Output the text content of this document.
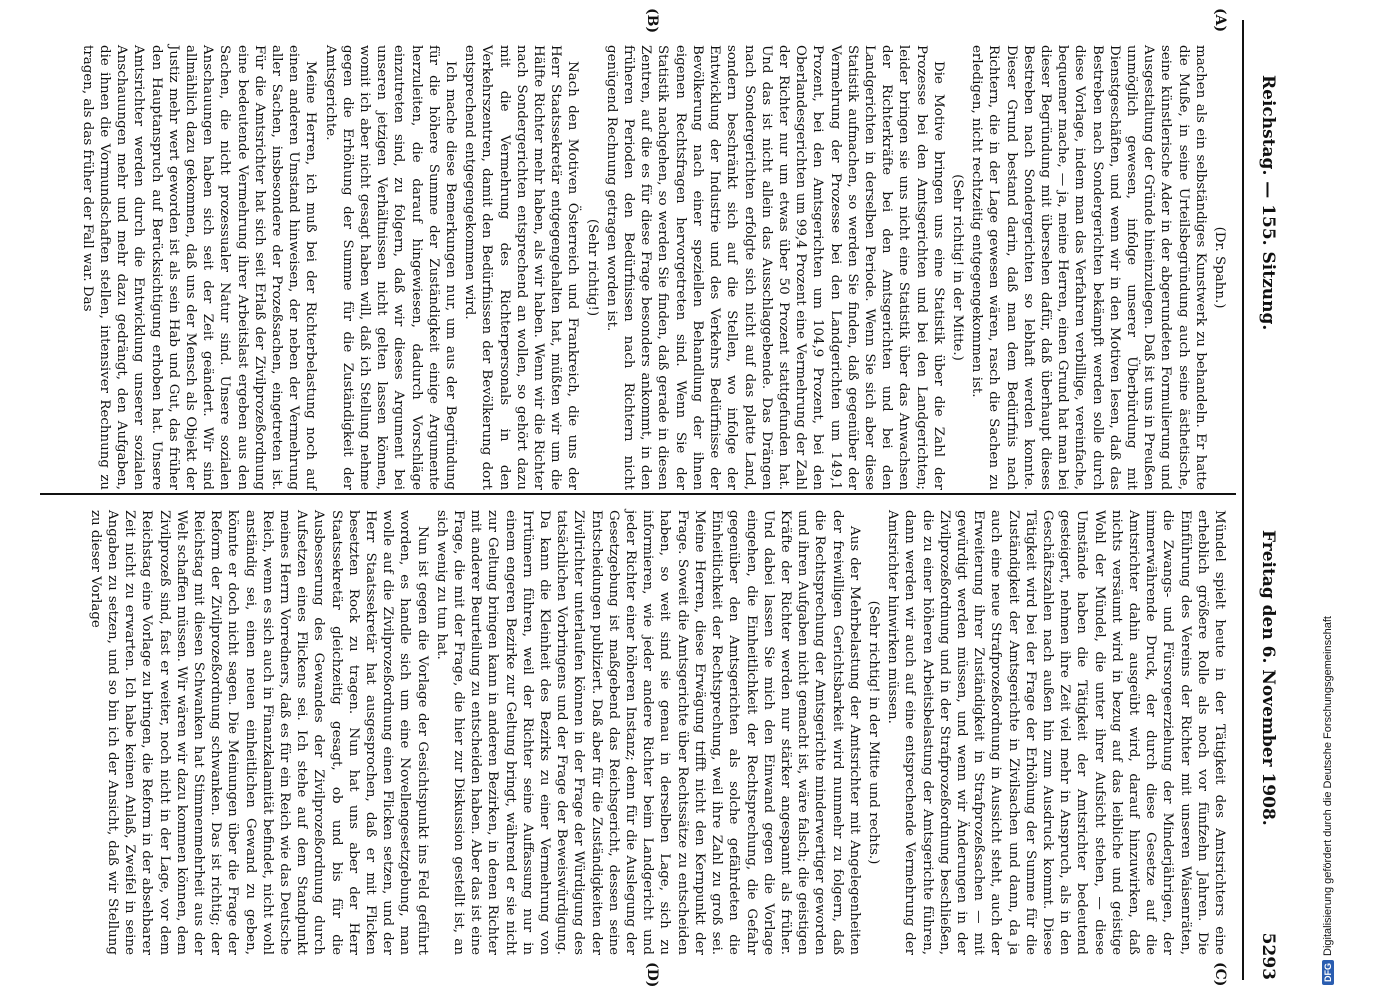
Reichstag. — 155. Sitzung.
Freitag den 6. November 1908.
5293
(A)
(B)
(C)
(D)

(Dr. Spahn.)

machen als ein selbständiges Kunstwerk zu behandeln. Er hatte die Muße, in seine Urteilsbegründung auch seine ästhetische, seine künstlerische Ader in der abgerundeten Formulierung und Ausgestaltung der Gründe hineinzulegen. Daß ist uns in Preußen unmöglich gewesen, infolge unserer Überbürdung mit Dienstgeschäften, und wenn wir in den Motiven lesen, daß das Bestreben nach Sondergerichten bekämpft werden solle durch diese Vorlage, indem man das Verfahren verbillige, vereinfache, bequemer mache, — ja, meine Herren, einen Grund hat man bei dieser Begründung mit übersehen dafür, daß überhaupt dieses Bestreben nach Sondergerichten so lebhaft werden konnte. Dieser Grund bestand darin, daß man dem Bedürfnis nach Richtern, die in der Lage gewesen wären, rasch die Sachen zu erledigen, nicht rechtzeitig entgegengekommen ist.

(Sehr richtig! in der Mitte.)

Die Motive bringen uns eine Statistik über die Zahl der Prozesse bei den Amtsgerichten und bei den Landgerichten; leider bringen sie uns nicht eine Statistik über das Anwachsen der Richterkräfte bei den Amtsgerichten und bei den Landgerichten in derselben Periode. Wenn Sie sich aber diese Statistik aufmachen, so werden Sie finden, daß gegenüber der Vermehrung der Prozesse bei den Landgerichten um 149,1 Prozent, bei den Amtsgerichten um 104,9 Prozent, bei den Oberlandesgerichten um 99,4 Prozent eine Vermehrung der Zahl der Richter nur um etwas über 50 Prozent stattgefunden hat. Und das ist nicht allein das Ausschlaggebende. Das Drängen nach Sondergerichten erfolgte sich nicht auf das platte Land, sondern beschränkt sich auf die Stellen, wo infolge der Entwicklung der Industrie und des Verkehrs Bedürfnisse der Bevölkerung nach einer speziellen Behandlung der ihnen eigenen Rechtsfragen hervorgetreten sind. Wenn Sie der Statistik nachgehen, so werden Sie finden, daß gerade in diesen Zentren, auf die es für diese Frage besonders ankommt, in den früheren Perioden den Bedürfnissen nach Richtern nicht genügend Rechnung getragen worden ist.

(Sehr richtig!)

Nach den Motiven Österreich und Frankreich, die uns der Herr Staatssekretär entgegengehalten hat, müßten wir um die Hälfte Richter mehr haben, als wir haben. Wenn wir die Richter nach Sondergerichten entsprechend an wollen, so gehört dazu mit die Vermehrung des Richterpersonals in den Verkehrszentren, damit den Bedürfnissen der Bevölkerung dort entsprechend entgegengekommen wird.

Ich mache diese Bemerkungen nur, um aus der Begründung für die höhere Summe der Zuständigkeit einige Argumente herzuleiten, die darauf hingewiesen, dadurch Vorschläge einzutreten sind, zu folgern, daß wir dieses Argument bei unseren jetzigen Verhältnissen nicht gelten lassen können, womit ich aber nicht gesagt haben will, daß ich Stellung nehme gegen die Erhöhung der Summe für die Zuständigkeit der Amtsgerichte.

Meine Herren, ich muß bei der Richterbelastung noch auf einen anderen Umstand hinweisen, der neben der Vermehrung aller Sachen, insbesondere der Prozeßsachen, eingetreten ist. Für die Amtsrichter hat sich seit Erlaß der Zivilprozeßordnung eine bedeutende Vermehrung ihrer Arbeitslast ergeben aus den Sachen, die nicht prozessualer Natur sind. Unsere sozialen Anschauungen haben sich seit der Zeit geändert. Wir sind allmählich dazu gekommen, daß uns der Mensch als Objekt der Justiz mehr wert geworden ist als sein Hab und Gut, das früher den Hauptanspruch auf Berücksichtigung erhoben hat. Unsere Amtsrichter werden durch die Entwicklung unserer sozialen Anschauungen mehr und mehr dazu gedrängt, den Aufgaben, die ihnen die Vormundschaften stellen, intensiver Rechnung zu tragen, als das früher der Fall war. Das

Mündel spielt heute in der Tätigkeit des Amtsrichters eine erheblich größere Rolle als noch vor fünfzehn Jahren. Die Einführung des Vereins der Richter mit unseren Waisenräten, die Zwangs- und Fürsorgeerziehung der Minderjährigen, der immerwährende Druck, der durch diese Gesetze auf die Amtsrichter dahin ausgeübt wird, darauf hinzuwirken, daß nichts versäumt wird in bezug auf das leibliche und geistige Wohl der Mündel, die unter ihrer Aufsicht stehen, — diese Umstände haben die Tätigkeit der Amtsrichter bedeutend gesteigert, nehmen ihre Zeit viel mehr in Anspruch, als in den Geschäftszahlen nach außen hin zum Ausdruck kommt. Diese Tätigkeit wird bei der Frage der Erhöhung der Summe für die Zuständigkeit der Amtsgerichte in Zivilsachen und dann, da ja auch eine neue Strafprozeßordnung in Aussicht steht, auch der Erweiterung ihrer Zuständigkeit in Strafprozeßsachen — mit gewürdigt werden müssen, und wenn wir Änderungen in der Zivilprozeßordnung und in der Strafprozeßordnung beschließen, die zu einer höheren Arbeitsbelastung der Amtsgerichte führen, dann werden wir auch auf eine entsprechende Vermehrung der Amtsrichter hinwirken müssen.

(Sehr richtig! in der Mitte und rechts.)

Aus der Mehrbelastung der Amtsrichter mit Angelegenheiten der freiwilligen Gerichtsbarkeit wird nunmehr zu folgern, daß die Rechtsprechung der Amtsgerichte minderwertiger geworden und ihren Aufgaben nicht gemacht ist, wäre falsch; die geistigen Kräfte der Richter werden nur stärker angespannt als früher. Und dabei lassen Sie mich den Einwand gegen die Vorlage eingehen, die Einheitlichkeit der Rechtsprechung, die Gefahr gegenüber den Amtsgerichten als solche gefährdeten die Einheitlichkeit der Rechtsprechung, weil ihre Zahl zu groß sei. Meine Herren, diese Erwägung trifft nicht den Kernpunkt der Frage. Soweit die Amtsgerichte über Rechtssätze zu entscheiden haben, so weit sind sie genau in derselben Lage, sich zu informieren, wie jeder andere Richter beim Landgericht und jeder Richter einer höheren Instanz; denn für die Auslegung der Gesetzgebung ist maßgebend das Reichsgericht, dessen seine Entscheidungen publiziert. Daß aber für die Zuständigkeiten der Zivilrichter unterlaufen können in der Frage der Würdigung des tatsächlichen Vorbringens und der Frage der Beweiswürdigung. Da kann die Kleinheit des Bezirks zu einer Vermehrung von Irrtümern führen, weil der Richter seine Auffassung nur in einem engeren Bezirke zur Geltung bringt, während er sie nicht zur Geltung bringen kann in anderen Bezirken, in denen Richter mit anderer Beurteilung zu entscheiden haben. Aber das ist eine Frage, die mit der Frage, die hier zur Diskussion gestellt ist, an sich wenig zu tun hat.

Nun ist gegen die Vorlage der Gesichtspunkt ins Feld geführt worden, es handle sich um eine Novellengesetzgebung, man wolle auf die Zivilprozeßordnung einen Flicken setzen, und der Herr Staatssekretär hat ausgesprochen, daß er mit Flicken besetzten Rock zu tragen. Nun hat uns aber der Herr Staatssekretär gleichzeitig gesagt, ob und bis für die Ausbesserung des Gewandes der Zivilprozeßordnung durch Aufsetzen eines Flickens sei. Ich stehe auf dem Standpunkt meines Herrn Vorredners, daß es für ein Reich wie das Deutsche Reich, wenn es sich auch in Finanzkalamität befindet, nicht wohl anständig sei, einen neuen einheitlichen Gewand zu geben, könnte er doch nicht sagen. Die Meinungen über die Frage der Reform der Zivilprozeßordnung schwanken. Das ist richtig; der Reichstag mit diesen Schwanken hat Stimmenmehrheit aus der Welt schaffen müssen. Wir wären wir dazu kommen können, dem Zivilprozeß sind, fast er weiter, noch nicht in der Lage, vor dem Reichstag eine Vorlage zu bringen, die Reform in der absehbarer Zeit nicht zu erwarten. Ich habe keinen Anlaß, Zweifel in seine Angaben zu setzen, und so bin ich der Ansicht, daß wir Stellung zu dieser Vorlage

DFGDigitalisierung gefördert durch die Deutsche Forschungsgemeinschaft
